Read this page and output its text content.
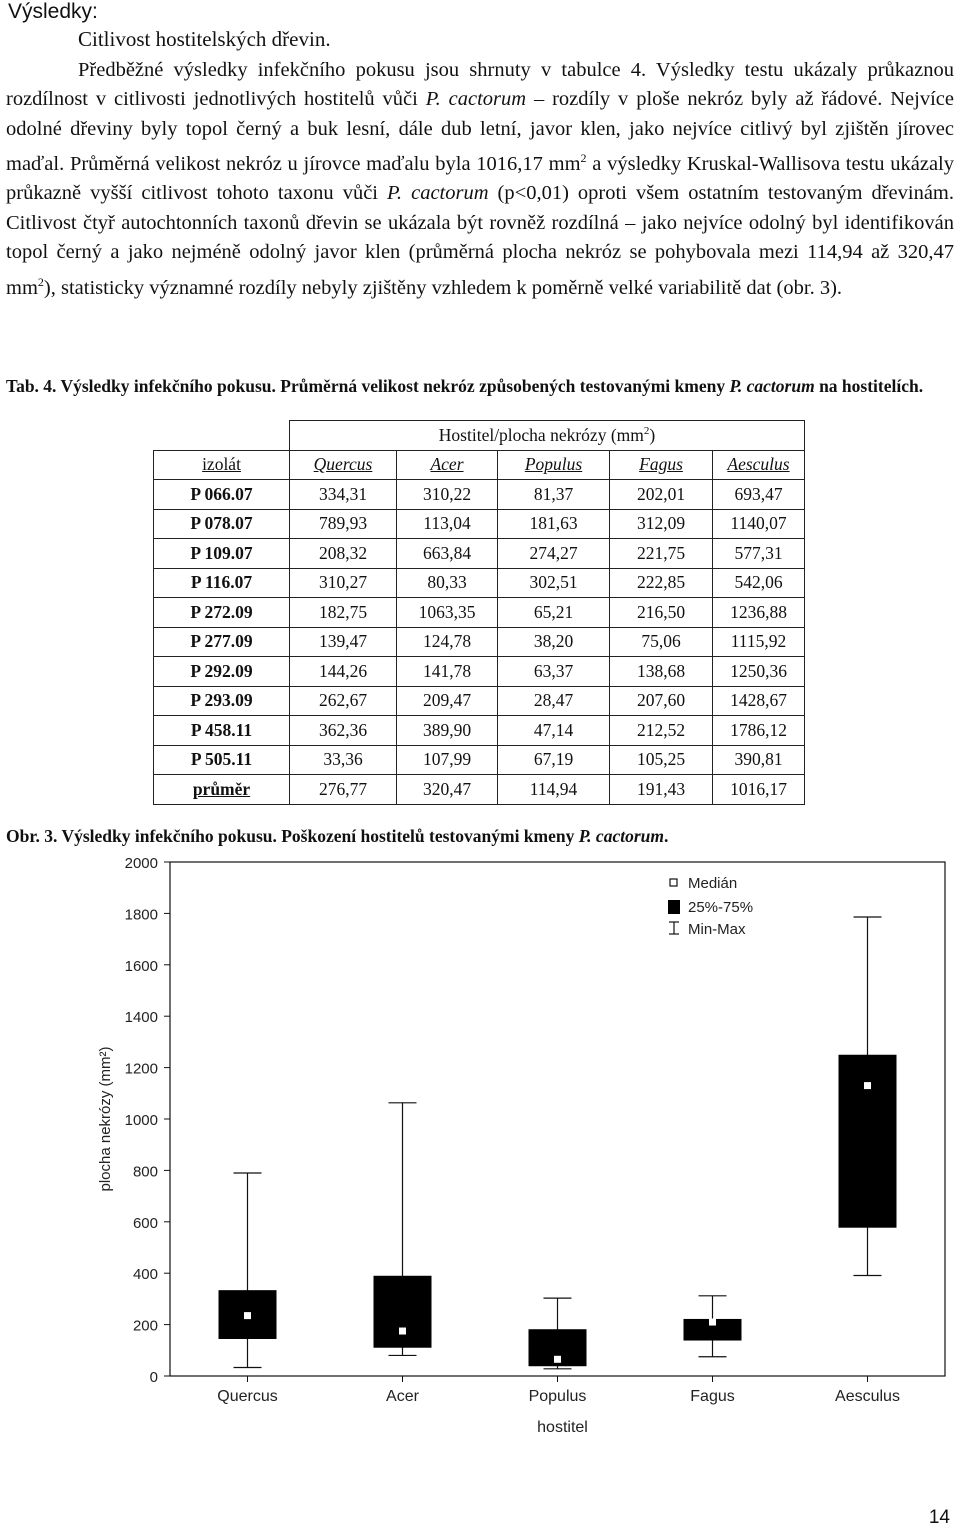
Výsledky:
Citlivost hostitelských dřevin.

Předběžné výsledky infekčního pokusu jsou shrnuty v tabulce 4. Výsledky testu ukázaly průkaznou rozdílnost v citlivosti jednotlivých hostitelů vůči P. cactorum – rozdíly v ploše nekróz byly až řádové. Nejvíce odolné dřeviny byly topol černý a buk lesní, dále dub letní, javor klen, jako nejvíce citlivý byl zjištěn jírovec maďal. Průměrná velikost nekróz u jírovce maďalu byla 1016,17 $mm^2$ a výsledky Kruskal-Wallisova testu ukázaly průkazně vyšší citlivost tohoto taxonu vůči P. cactorum (p<0,01) oproti všem ostatním testovaným dřevinám. Citlivost čtyř autochtonních taxonů dřevin se ukázala být rovněž rozdílná – jako nejvíce odolný byl identifikován topol černý a jako nejméně odolný javor klen (průměrná plocha nekróz se pohybovala mezi 114,94 až 320,47 $mm^2$), statisticky významné rozdíly nebyly zjištěny vzhledem k poměrně velké variabilitě dat (obr. 3).

Tab. 4. Výsledky infekčního pokusu. Průměrná velikost nekróz způsobených testovanými kmeny P. cactorum na hostitelích.
	Hostitel/plocha nekrózy $(mm^2)$				
izolát	Quercus	Acer	Populus	Fagus	Aesculus
P 066.07	334,31	310,22	81,37	202,01	693,47
P 078.07	789,93	113,04	181,63	312,09	1140,07
P 109.07	208,32	663,84	274,27	221,75	577,31
P 116.07	310,27	80,33	302,51	222,85	542,06
P 272.09	182,75	1063,35	65,21	216,50	1236,88
P 277.09	139,47	124,78	38,20	75,06	1115,92
P 292.09	144,26	141,78	63,37	138,68	1250,36
P 293.09	262,67	209,47	28,47	207,60	1428,67
P 458.11	362,36	389,90	47,14	212,52	1786,12
P 505.11	33,36	107,99	67,19	105,25	390,81
průměr	276,77	320,47	114,94	191,43	1016,17
Obr. 3. Výsledky infekčního pokusu. Poškození hostitelů testovanými kmeny P. cactorum.
0
200
400
600
800
1000
1200
1400
1600
1800
2000
plocha nekrózy (mm²)
Quercus	Acer	Populus	Fagus	Aesculus
hostitel
Medián
25%-75%
Min-Max
14
